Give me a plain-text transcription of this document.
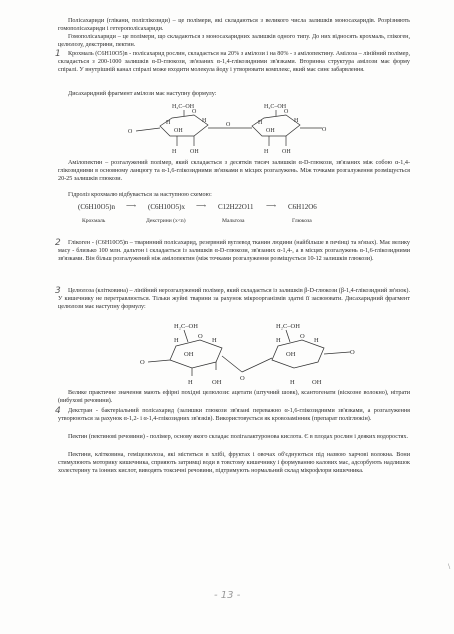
Полісахариди (глікани, поліглікозиди) – це полімери, які складаються з великого числа залишків моносахаридів. Розрізняють гомополісахариди і гетерополісахариди.
Гомополісахариди – це полімери, що складаються з моносахаридних залишків одного типу. До них відносять крохмаль, глікоген, целюлозу, декстрини, пектин.
1	Крохмаль (C6H10O5)n - полісахарид рослин, складається на 20% з амілози і на 80% - з амілопектину. Амілоза – лінійний полімер, складається з 200-1000 залишків α-D-глюкози, зв'язаних α-1,4-глікозидними зв'язками. Вторинна структура амілози має форму спіралі. У внутрішній канал спіралі може входити молекула йоду і утворювати комплекс, який має синє забарвлення.
Дисахаридний фрагмент амілози має наступну формулу:
H₂C–OH	H₂C–OH
O	O
H	H	H	H
OH	OH
O
O
O
H OH	H OH
Амілопектин – розгалужений полімер, який складається з десятків тисяч залишків α-D-глюкози, зв'язаних між собою α-1,4-глікозидними в основному ланцюгу та α-1,6-глікозидними зв'язками в місцях розгалужень. Між точками розгалуження розміщується 20-25 залишків глюкози.
Гідроліз крохмалю відбувається за наступною схемою:
(C6H10O5)n ⟶ (C6H10O5)x ⟶ C12H22O11 ⟶ C6H12O6
Крохмаль	Декстрини (x<n)	Мальтоза	Глюкоза
2	Глікоген - (C6H10O5)n – тваринний полісахарид, резервний вуглевод тканин людини (найбільше в печінці та м'язах). Має велику масу - близько 100 млн. дальтон і складається із залишків α-D-глюкози, зв'язаних α-1,4-, а в місцях розгалужень α-1,6-глікозидними зв'язками. Він більш розгалужений ніж амілопектин (між точками розгалуження розміщується 10-12 залишків глюкози).
3	Целюлоза (клітковина) – лінійний нерозгалужений полімер, який складається із залишків β-D-глюкози (β-1,4-глікозидний зв'язок). У кишечнику не перетравлюється. Тільки жуйні тварини за рахунок мікроорганізмів здатні її засвоювати. Дисахаридний фрагмент целюлози має наступну формулу:
H₂C–OH	H₂C–OH
O	O
H	H	H	H
OH	OH
O
O
O
H	OH	H	OH
Велике практичне значення мають ефірні похідні целюлози: ацетати (штучний шовк), ксантогенати (віскозне волокно), нітрати (вибухові речовини).
4	Декстран - бактеріальний полісахарид (залишки глюкози зв'язані переважно α-1,6-глікозидними зв'язками, а розгалуження утворюються за рахунок α-1,2- і α-1,4-глікозидних зв'язків). Використовується як кровозамінник (препарат поліглюкін).
Пектин (пектинові речовини) - полімер, основу якого складає полігалактуронова кислота. Є в плодах рослин і деяких водоростях.
Пектини, клітковина, геміцелюлоза, які містяться в хлібі, фруктах і овочах об'єднуються під назвою харчові волокна. Вони стимулюють моторику кишечника, сприяють затримці води в товстому кишечнику і формуванню калових мас, адсорбують надлишок холестерину та іонних кислот, виводять токсичні речовини, підтримують нормальний склад мікрофлори кишечника.
- 13 -
\
